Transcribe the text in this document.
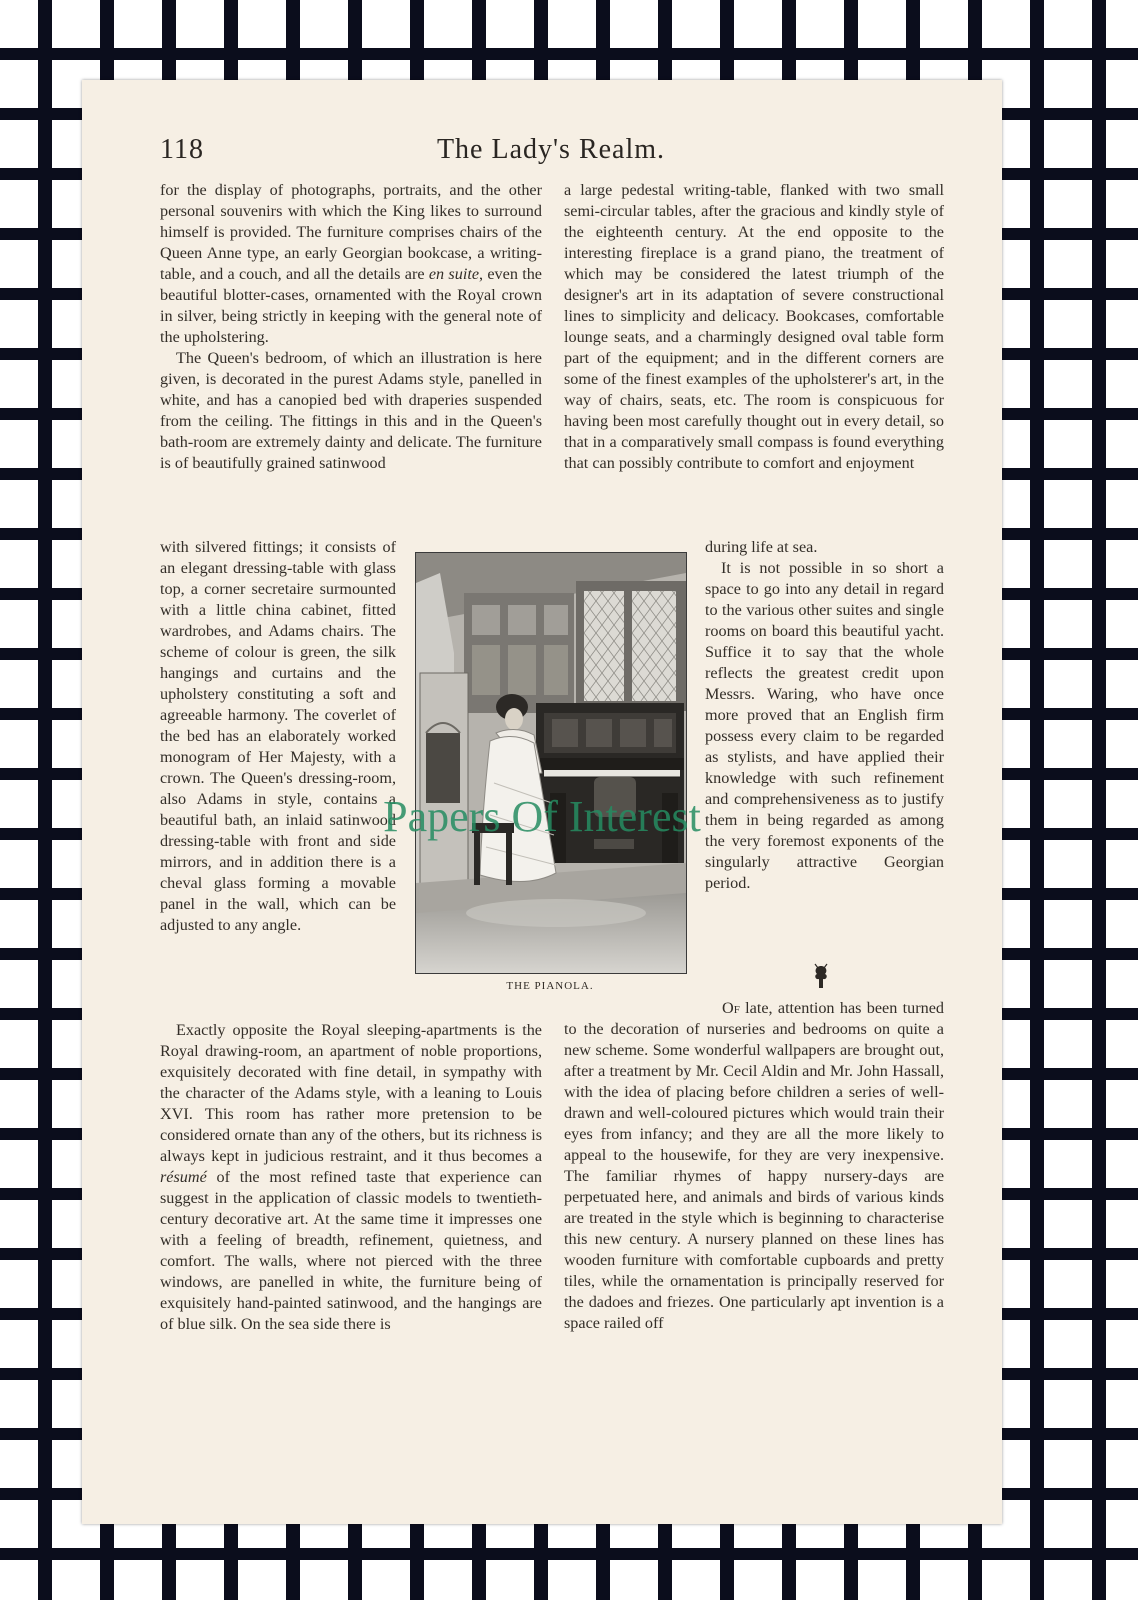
118	The Lady's Realm.

for the display of photographs, portraits, and the other personal souvenirs with which the King likes to surround himself is provided. The furniture comprises chairs of the Queen Anne type, an early Georgian bookcase, a writing-table, and a couch, and all the details are en suite, even the beautiful blotter-cases, ornamented with the Royal crown in silver, being strictly in keeping with the general note of the upholstering.

The Queen's bedroom, of which an illustration is here given, is decorated in the purest Adams style, panelled in white, and has a canopied bed with draperies suspended from the ceiling. The fittings in this and in the Queen's bath-room are extremely dainty and delicate. The furniture is of beautifully grained satinwood

with silvered fittings; it consists of an elegant dressing-table with glass top, a corner secretaire surmounted with a little china cabinet, fitted wardrobes, and Adams chairs. The scheme of colour is green, the silk hangings and curtains and the upholstery constituting a soft and agreeable harmony. The coverlet of the bed has an elaborately worked monogram of Her Majesty, with a crown. The Queen's dressing-room, also Adams in style, contains a beautiful bath, an inlaid satinwood dressing-table with front and side mirrors, and in addition there is a cheval glass forming a movable panel in the wall, which can be adjusted to any angle.

THE PIANOLA.

a large pedestal writing-table, flanked with two small semi-circular tables, after the gracious and kindly style of the eighteenth century. At the end opposite to the interesting fireplace is a grand piano, the treatment of which may be considered the latest triumph of the designer's art in its adaptation of severe constructional lines to simplicity and delicacy. Bookcases, comfortable lounge seats, and a charmingly designed oval table form part of the equipment; and in the different corners are some of the finest examples of the upholsterer's art, in the way of chairs, seats, etc. The room is conspicuous for having been most carefully thought out in every detail, so that in a comparatively small compass is found everything that can possibly contribute to comfort and enjoyment

during life at sea.

It is not possible in so short a space to go into any detail in regard to the various other suites and single rooms on board this beautiful yacht. Suffice it to say that the whole reflects the greatest credit upon Messrs. Waring, who have once more proved that an English firm possess every claim to be regarded as stylists, and have applied their knowledge with such refinement and comprehensiveness as to justify them in being regarded as among the very foremost exponents of the singularly attractive Georgian period.

Exactly opposite the Royal sleeping-apartments is the Royal drawing-room, an apartment of noble proportions, exquisitely decorated with fine detail, in sympathy with the character of the Adams style, with a leaning to Louis XVI. This room has rather more pretension to be considered ornate than any of the others, but its richness is always kept in judicious restraint, and it thus becomes a résumé of the most refined taste that experience can suggest in the application of classic models to twentieth-century decorative art. At the same time it impresses one with a feeling of breadth, refinement, quietness, and comfort. The walls, where not pierced with the three windows, are panelled in white, the furniture being of exquisitely hand-painted satinwood, and the hangings are of blue silk. On the sea side there is

Of late, attention has been turned to the decoration of nurseries and bedrooms on quite a new scheme. Some wonderful wallpapers are brought out, after a treatment by Mr. Cecil Aldin and Mr. John Hassall, with the idea of placing before children a series of well-drawn and well-coloured pictures which would train their eyes from infancy; and they are all the more likely to appeal to the housewife, for they are very inexpensive. The familiar rhymes of happy nursery-days are perpetuated here, and animals and birds of various kinds are treated in the style which is beginning to characterise this new century. A nursery planned on these lines has wooden furniture with comfortable cupboards and pretty tiles, while the ornamentation is principally reserved for the dadoes and friezes. One particularly apt invention is a space railed off

Papers Of Interest
